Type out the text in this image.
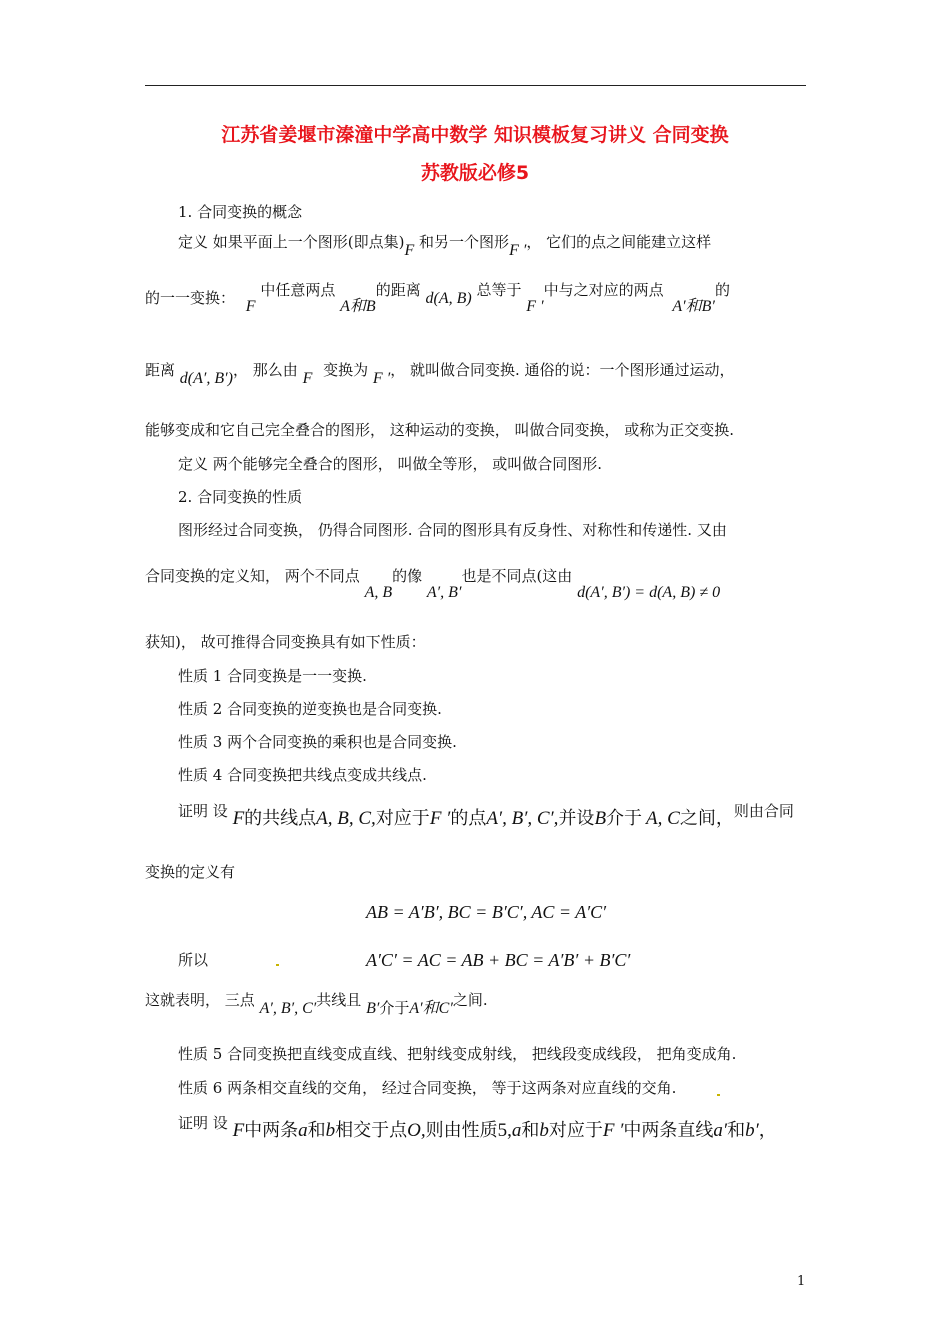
江苏省姜堰市溱潼中学高中数学 知识模板复习讲义 合同变换
苏教版必修5
1. 合同变换的概念
定义 如果平面上一个图形(即点集)F 和另一个图形F ′， 它们的点之间能建立这样
的一一变换： F 中任意两点 A和B的距离 d(A, B) 总等于 F ′中与之对应的两点 A′和B′的
距离 d(A′, B′)， 那么由 F 变换为 F ′， 就叫做合同变换. 通俗的说：一个图形通过运动，
能够变成和它自己完全叠合的图形， 这种运动的变换， 叫做合同变换， 或称为正交变换.
定义 两个能够完全叠合的图形， 叫做全等形， 或叫做合同图形.
2. 合同变换的性质
图形经过合同变换， 仍得合同图形. 合同的图形具有反身性、对称性和传递性. 又由
合同变换的定义知， 两个不同点 A, B的像 A′, B′也是不同点(这由 d(A′, B′) = d(A, B) ≠ 0
获知)， 故可推得合同变换具有如下性质：
性质 1 合同变换是一一变换.
性质 2 合同变换的逆变换也是合同变换.
性质 3 两个合同变换的乘积也是合同变换.
性质 4 合同变换把共线点变成共线点.
证明 设 F的共线点A, B, C,对应于F ′的点A′, B′, C′,并设B介于 A, C之间，则由合同
变换的定义有
AB = A′B′, BC = B′C′, AC = A′C′
所以	A′C′ = AC = AB + BC = A′B′ + B′C′
这就表明， 三点 A′, B′, C′共线且 B′介于A′和C′之间.
性质 5 合同变换把直线变成直线、把射线变成射线， 把线段变成线段， 把角变成角.
性质 6 两条相交直线的交角， 经过合同变换， 等于这两条对应直线的交角.
证明 设 F中两条a和b相交于点O,则由性质5,a和b对应于F ′中两条直线a′和b′，
1
